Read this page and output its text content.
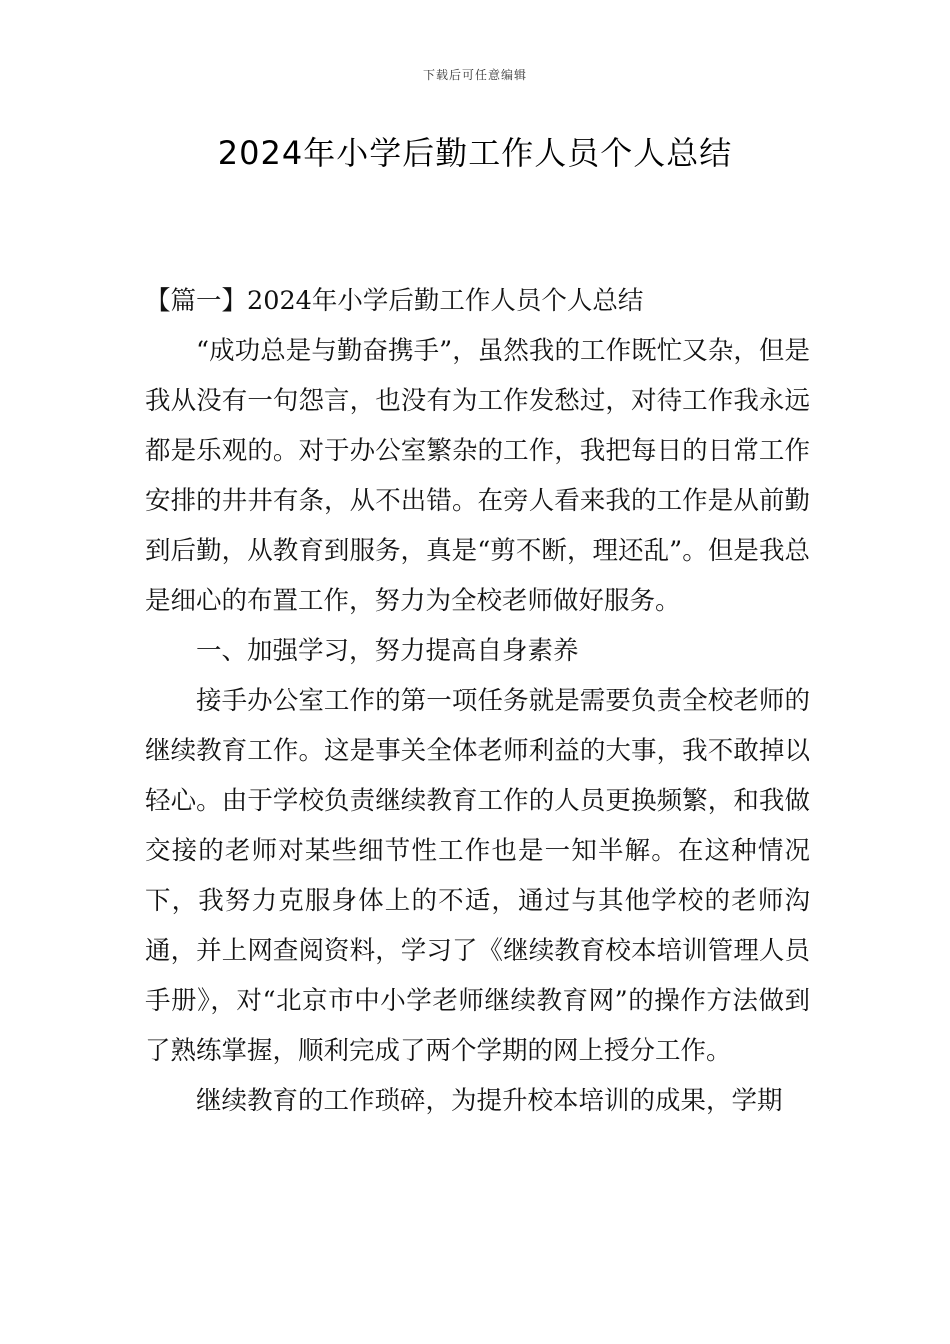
下载后可任意编辑
2024年小学后勤工作人员个人总结

【篇一】2024年小学后勤工作人员个人总结

“成功总是与勤奋携手”，虽然我的工作既忙又杂，但是我从没有一句怨言，也没有为工作发愁过，对待工作我永远都是乐观的。对于办公室繁杂的工作，我把每日的日常工作安排的井井有条，从不出错。在旁人看来我的工作是从前勤到后勤，从教育到服务，真是“剪不断，理还乱”。但是我总是细心的布置工作，努力为全校老师做好服务。

一、加强学习，努力提高自身素养

接手办公室工作的第一项任务就是需要负责全校老师的继续教育工作。这是事关全体老师利益的大事，我不敢掉以轻心。由于学校负责继续教育工作的人员更换频繁，和我做交接的老师对某些细节性工作也是一知半解。在这种情况下，我努力克服身体上的不适，通过与其他学校的老师沟通，并上网查阅资料，学习了《继续教育校本培训管理人员手册》，对“北京市中小学老师继续教育网”的操作方法做到了熟练掌握，顺利完成了两个学期的网上授分工作。

继续教育的工作琐碎，为提升校本培训的成果，学期
